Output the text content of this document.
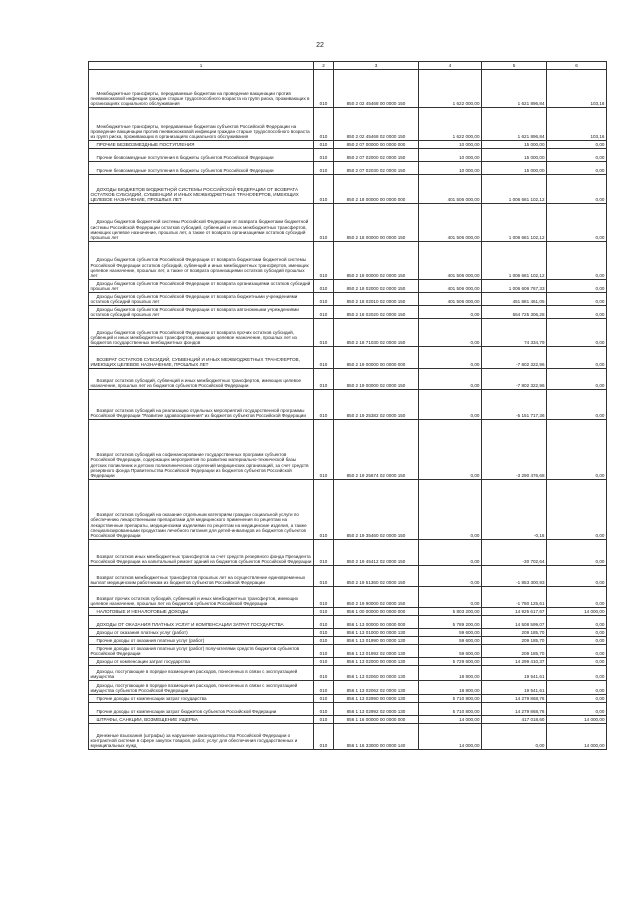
22
1	2	3	4	5	6
Межбюджетные трансферты, передаваемые бюджетам на проведение вакцинации против пневмококковой инфекции граждан старше трудоспособного возраста из групп риска, проживающих в организациях социального обслуживания	010	850 2 02 45468 00 0000 150	1 622 000,00	1 621 896,84	103,16
Межбюджетные трансферты, передаваемые бюджетам субъектов Российской Федерации на проведение вакцинации против пневмококковой инфекции граждан старше трудоспособного возраста из групп риска, проживающих в организациях социального обслуживания	010	850 2 02 45468 02 0000 150	1 622 000,00	1 621 896,84	103,16
ПРОЧИЕ БЕЗВОЗМЕЗДНЫЕ ПОСТУПЛЕНИЯ	010	850 2 07 00000 00 0000 000	10 000,00	15 000,00	0,00
Прочие безвозмездные поступления в бюджеты субъектов Российской Федерации	010	850 2 07 02000 02 0000 150	10 000,00	15 000,00	0,00
Прочие безвозмездные поступления в бюджеты субъектов Российской Федерации	010	850 2 07 02030 02 0000 150	10 000,00	15 000,00	0,00
ДОХОДЫ БЮДЖЕТОВ БЮДЖЕТНОЙ СИСТЕМЫ РОССИЙСКОЙ ФЕДЕРАЦИИ ОТ ВОЗВРАТА ОСТАТКОВ СУБСИДИЙ, СУБВЕНЦИЙ И ИНЫХ МЕЖБЮДЖЕТНЫХ ТРАНСФЕРТОВ, ИМЕЮЩИХ ЦЕЛЕВОЕ НАЗНАЧЕНИЕ, ПРОШЛЫХ ЛЕТ	010	850 2 18 00000 00 0000 000	401 506 000,00	1 006 681 102,12	0,00
Доходы бюджетов бюджетной системы Российской Федерации от возврата бюджетами бюджетной системы Российской Федерации остатков субсидий, субвенций и иных межбюджетных трансфертов, имеющих целевое назначение, прошлых лет, а также от возврата организациями остатков субсидий прошлых лет	010	850 2 18 00000 00 0000 150	401 506 000,00	1 006 681 102,12	0,00
Доходы бюджетов субъектов Российской Федерации от возврата бюджетами бюджетной системы Российской Федерации остатков субсидий, субвенций и иных межбюджетных трансфертов, имеющих целевое назначение, прошлых лет, а также от возврата организациями остатков субсидий прошлых лет	010	850 2 18 00000 02 0000 150	401 506 000,00	1 006 681 102,12	0,00
Доходы бюджетов субъектов Российской Федерации от возврата организациями остатков субсидий прошлых лет	010	850 2 18 02000 02 0000 150	401 506 000,00	1 006 606 767,33	0,00
Доходы бюджетов субъектов Российской Федерации от возврата бюджетными учреждениями остатков субсидий прошлых лет	010	850 2 18 02010 02 0000 150	401 506 000,00	451 881 461,05	0,00
Доходы бюджетов субъектов Российской Федерации от возврата автономными учреждениями остатков субсидий прошлых лет	010	850 2 18 02020 02 0000 150	0,00	554 725 306,28	0,00
Доходы бюджетов субъектов Российской Федерации от возврата прочих остатков субсидий, субвенций и иных межбюджетных трансфертов, имеющих целевое назначение, прошлых лет из бюджетов государственных внебюджетных фондов	010	850 2 18 71030 02 0000 150	0,00	74 334,79	0,00
ВОЗВРАТ ОСТАТКОВ СУБСИДИЙ, СУБВЕНЦИЙ И ИНЫХ МЕЖБЮДЖЕТНЫХ ТРАНСФЕРТОВ, ИМЕЮЩИХ ЦЕЛЕВОЕ НАЗНАЧЕНИЕ, ПРОШЛЫХ ЛЕТ	010	850 2 19 00000 00 0000 000	0,00	-7 802 322,96	0,00
Возврат остатков субсидий, субвенций и иных межбюджетных трансфертов, имеющих целевое назначение, прошлых лет из бюджетов субъектов Российской Федерации	010	850 2 19 00000 02 0000 150	0,00	-7 802 322,96	0,00
Возврат остатков субсидий на реализацию отдельных мероприятий государственной программы Российской Федерации "Развитие здравоохранения" из бюджетов субъектов Российской Федерации	010	850 2 19 25382 02 0000 150	0,00	-5 151 717,36	0,00
Возврат остатков субсидий на софинансирование государственных программ субъектов Российской Федерации, содержащих мероприятия по развитию материально-технической базы детских поликлиник и детских поликлинических отделений медицинских организаций, за счет средств резервного фонда Правительства Российской Федерации из бюджетов субъектов Российской Федерации	010	850 2 19 25674 02 0000 150	0,00	-3 290 476,68	0,00
Возврат остатков субсидий на оказание отдельным категориям граждан социальной услуги по обеспечению лекарственными препаратами для медицинского применения по рецептам на лекарственные препараты, медицинскими изделиями по рецептам на медицинские изделия, а также специализированными продуктами лечебного питания для детей-инвалидов из бюджетов субъектов Российской Федерации	010	850 2 19 35460 02 0000 150	0,00	-0,16	0,00
Возврат остатков иных межбюджетных трансфертов за счет средств резервного фонда Президента Российской Федерации на капитальный ремонт зданий из бюджетов субъектов Российской Федерации	010	850 2 19 45412 02 0000 150	0,00	-30 702,64	0,00
Возврат остатков межбюджетных трансфертов прошлых лет на осуществление единовременных выплат медицинским работникам из бюджетов субъектов Российской Федерации	010	850 2 19 51360 02 0000 150	0,00	-1 853 300,93	0,00
Возврат прочих остатков субсидий, субвенций и иных межбюджетных трансфертов, имеющих целевое назначение, прошлых лет из бюджетов субъектов Российской Федерации	010	850 2 19 90000 02 0000 150	0,00	-1 780 125,61	0,00
НАЛОГОВЫЕ И НЕНАЛОГОВЫЕ ДОХОДЫ	010	856 1 00 00000 00 0000 000	5 803 200,00	14 925 617,67	14 000,00
ДОХОДЫ ОТ ОКАЗАНИЯ ПЛАТНЫХ УСЛУГ И КОМПЕНСАЦИИ ЗАТРАТ ГОСУДАРСТВА	010	856 1 13 00000 00 0000 000	5 789 200,00	14 508 599,07	0,00
Доходы от оказания платных услуг (работ)	010	856 1 13 01000 00 0000 130	59 600,00	209 185,70	0,00
Прочие доходы от оказания платных услуг (работ)	010	856 1 13 01990 00 0000 130	59 600,00	209 185,70	0,00
Прочие доходы от оказания платных услуг (работ) получателями средств бюджетов субъектов Российской Федерации	010	856 1 13 01992 02 0000 130	59 600,00	209 185,70	0,00
Доходы от компенсации затрат государства	010	856 1 13 02000 00 0000 130	5 729 600,00	14 299 410,37	0,00
Доходы, поступающие в порядке возмещения расходов, понесенных в связи с эксплуатацией имущества	010	856 1 13 02060 00 0000 130	18 800,00	19 541,61	0,00
Доходы, поступающие в порядке возмещения расходов, понесенных в связи с эксплуатацией имущества субъектов Российской Федерации	010	856 1 13 02062 02 0000 130	18 800,00	19 541,61	0,00
Прочие доходы от компенсации затрат государства	010	856 1 13 02990 00 0000 130	5 710 800,00	14 279 868,76	0,00
Прочие доходы от компенсации затрат бюджетов субъектов Российской Федерации	010	856 1 13 02992 02 0000 130	5 710 800,00	14 279 868,76	0,00
ШТРАФЫ, САНКЦИИ, ВОЗМЕЩЕНИЕ УЩЕРБА	010	856 1 16 00000 00 0000 000	14 000,00	417 018,60	14 000,00
Денежные взыскания (штрафы) за нарушение законодательства Российской Федерации о контрактной системе в сфере закупок товаров, работ, услуг для обеспечения государственных и муниципальных нужд	010	856 1 16 33000 00 0000 140	14 000,00	0,00	14 000,00
